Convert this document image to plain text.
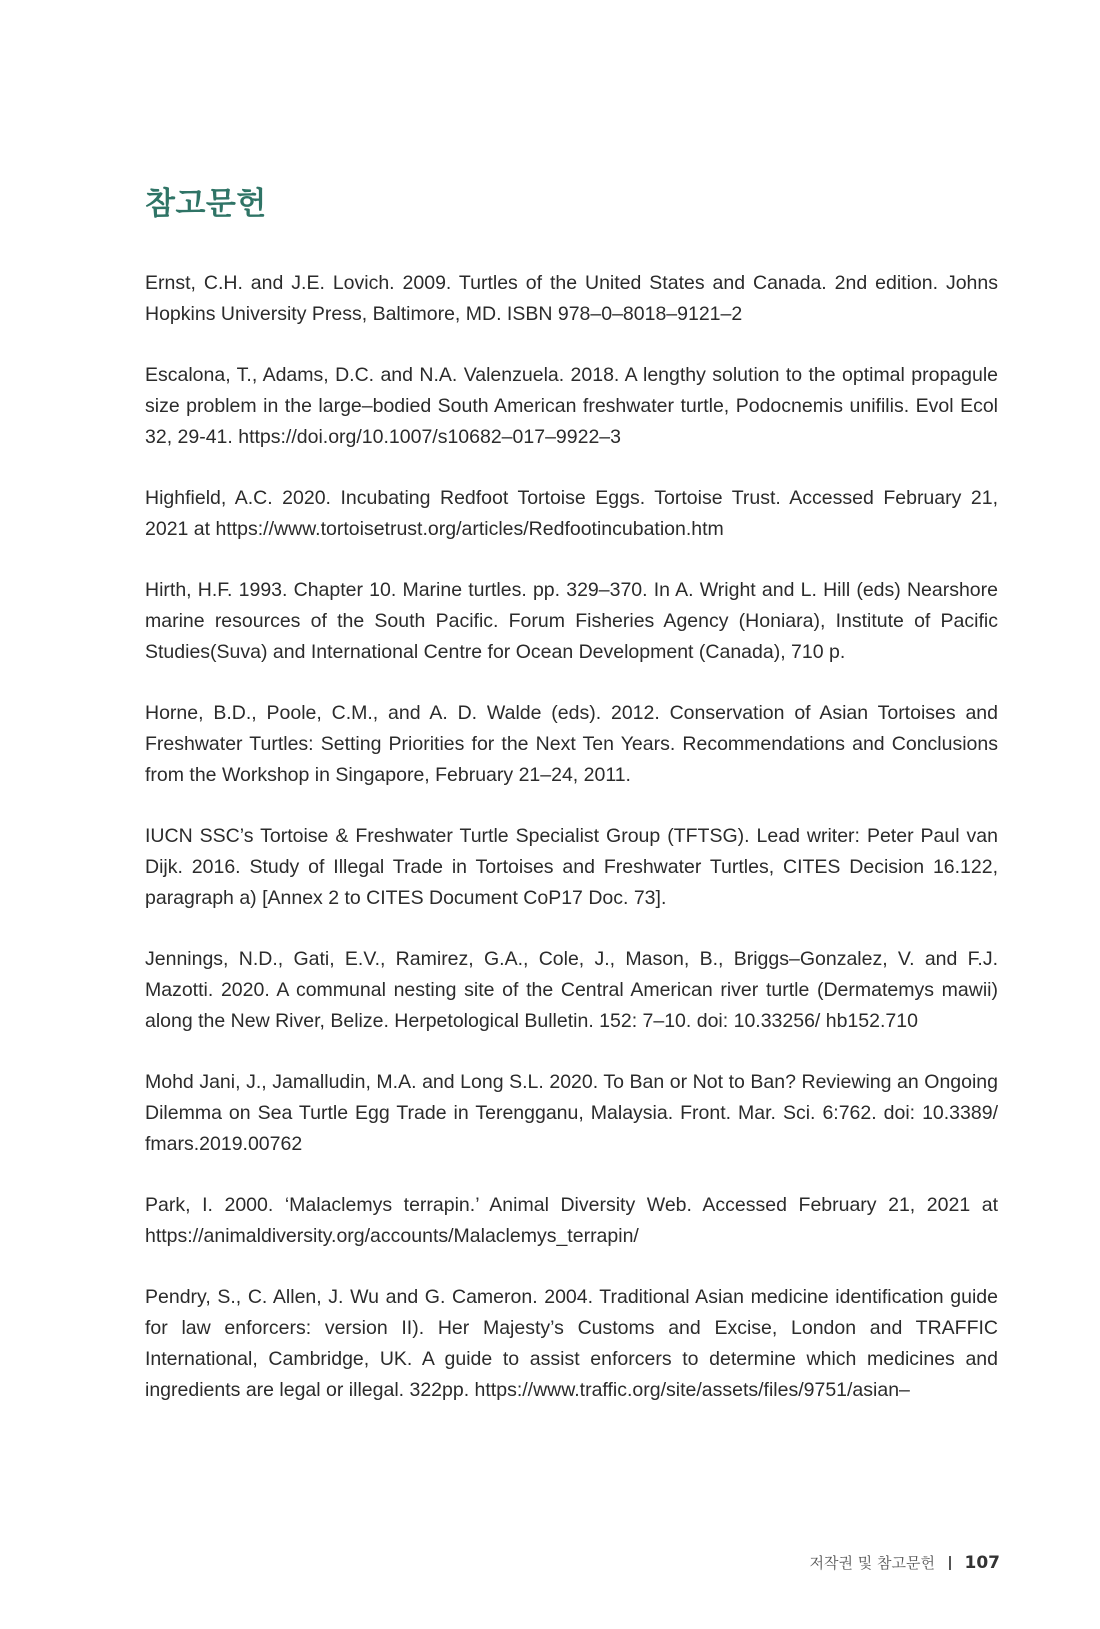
참고문헌
Ernst, C.H. and J.E. Lovich. 2009. Turtles of the United States and Canada. 2nd edition. Johns Hopkins University Press, Baltimore, MD. ISBN 978–0–8018–9121–2
Escalona, T., Adams, D.C. and N.A. Valenzuela. 2018. A lengthy solution to the optimal propagule size problem in the large–bodied South American freshwater turtle, Podocnemis unifilis. Evol Ecol 32, 29-41. https://doi.org/10.1007/s10682–017–9922–3
Highfield, A.C. 2020. Incubating Redfoot Tortoise Eggs. Tortoise Trust. Accessed February 21, 2021 at https://www.tortoisetrust.org/articles/Redfootincubation.htm
Hirth, H.F. 1993. Chapter 10. Marine turtles. pp. 329–370. In A. Wright and L. Hill (eds) Nearshore marine resources of the South Pacific. Forum Fisheries Agency (Honiara), Institute of Pacific Studies(Suva) and International Centre for Ocean Development (Canada), 710 p.
Horne, B.D., Poole, C.M., and A. D. Walde (eds). 2012. Conservation of Asian Tortoises and Freshwater Turtles: Setting Priorities for the Next Ten Years. Recommendations and Conclusions from the Workshop in Singapore, February 21–24, 2011.
IUCN SSC’s Tortoise & Freshwater Turtle Specialist Group (TFTSG). Lead writer: Peter Paul van Dijk. 2016. Study of Illegal Trade in Tortoises and Freshwater Turtles, CITES Decision 16.122, paragraph a) [Annex 2 to CITES Document CoP17 Doc. 73].
Jennings, N.D., Gati, E.V., Ramirez, G.A., Cole, J., Mason, B., Briggs–Gonzalez, V. and F.J. Mazotti. 2020. A communal nesting site of the Central American river turtle (Dermatemys mawii) along the New River, Belize. Herpetological Bulletin. 152: 7–10. doi: 10.33256/ hb152.710
Mohd Jani, J., Jamalludin, M.A. and Long S.L. 2020. To Ban or Not to Ban? Reviewing an Ongoing Dilemma on Sea Turtle Egg Trade in Terengganu, Malaysia. Front. Mar. Sci. 6:762. doi: 10.3389/ fmars.2019.00762
Park, I. 2000. ‘Malaclemys terrapin.’ Animal Diversity Web. Accessed February 21, 2021 at https://animaldiversity.org/accounts/Malaclemys_terrapin/
Pendry, S., C. Allen, J. Wu and G. Cameron. 2004. Traditional Asian medicine identification guide for law enforcers: version II). Her Majesty’s Customs and Excise, London and TRAFFIC International, Cambridge, UK. A guide to assist enforcers to determine which medicines and ingredients are legal or illegal. 322pp. https://www.traffic.org/site/assets/files/9751/asian–
저작권 및 참고문헌 107
